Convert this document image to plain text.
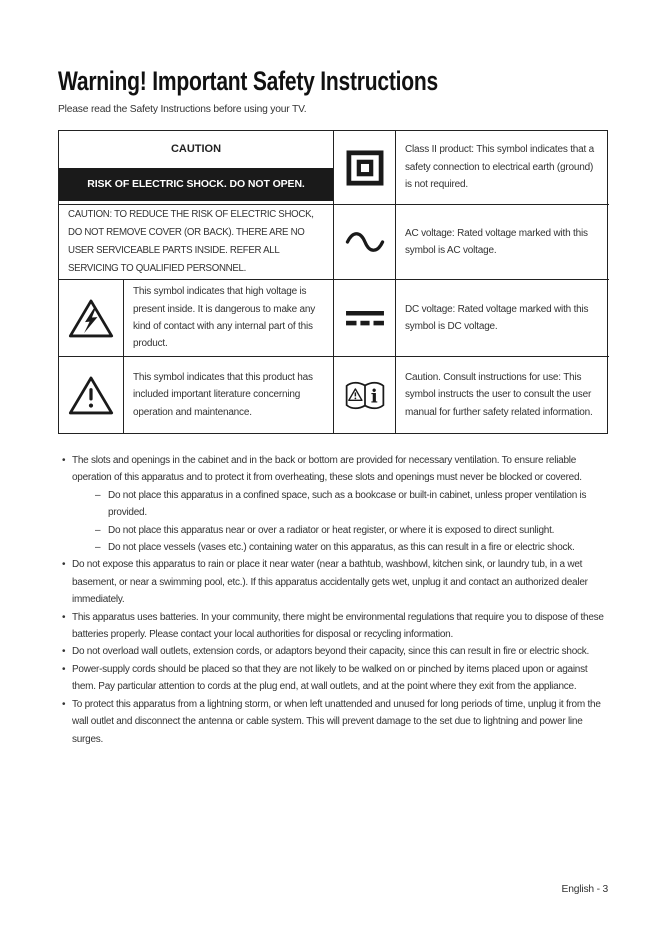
Warning! Important Safety Instructions
Please read the Safety Instructions before using your TV.
CAUTION
RISK OF ELECTRIC SHOCK. DO NOT OPEN.
Class II product: This symbol indicates that a safety connection to electrical earth (ground) is not required.
CAUTION: TO REDUCE THE RISK OF ELECTRIC SHOCK, DO NOT REMOVE COVER (OR BACK). THERE ARE NO USER SERVICEABLE PARTS INSIDE. REFER ALL SERVICING TO QUALIFIED PERSONNEL.
AC voltage: Rated voltage marked with this symbol is AC voltage.
This symbol indicates that high voltage is present inside. It is dangerous to make any kind of contact with any internal part of this product.
DC voltage: Rated voltage marked with this symbol is DC voltage.
This symbol indicates that this product has included important literature concerning operation and maintenance.
i
Caution. Consult instructions for use: This symbol instructs the user to consult the user manual for further safety related information.
• The slots and openings in the cabinet and in the back or bottom are provided for necessary ventilation. To ensure reliable operation of this apparatus and to protect it from overheating, these slots and openings must never be blocked or covered.
– Do not place this apparatus in a confined space, such as a bookcase or built-in cabinet, unless proper ventilation is provided.
– Do not place this apparatus near or over a radiator or heat register, or where it is exposed to direct sunlight.
– Do not place vessels (vases etc.) containing water on this apparatus, as this can result in a fire or electric shock.
• Do not expose this apparatus to rain or place it near water (near a bathtub, washbowl, kitchen sink, or laundry tub, in a wet basement, or near a swimming pool, etc.). If this apparatus accidentally gets wet, unplug it and contact an authorized dealer immediately.
• This apparatus uses batteries. In your community, there might be environmental regulations that require you to dispose of these batteries properly. Please contact your local authorities for disposal or recycling information.
• Do not overload wall outlets, extension cords, or adaptors beyond their capacity, since this can result in fire or electric shock.
• Power-supply cords should be placed so that they are not likely to be walked on or pinched by items placed upon or against them. Pay particular attention to cords at the plug end, at wall outlets, and at the point where they exit from the appliance.
• To protect this apparatus from a lightning storm, or when left unattended and unused for long periods of time, unplug it from the wall outlet and disconnect the antenna or cable system. This will prevent damage to the set due to lightning and power line surges.
English - 3
